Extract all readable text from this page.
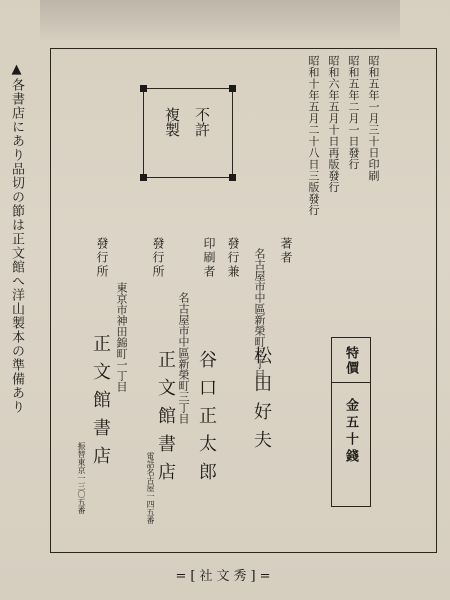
▲各書店にあり品切の節は正文館へ洋山製本の準備あり	不許
複製	昭和五年一月三十日印刷
昭和五年二月一日發行
昭和六年五月十日再版發行
昭和十年五月二十八日三版發行
特價
金五十錢
著者
名古屋市中區新榮町三丁目
松田好夫
發行兼
印刷者
名古屋市中區新榮町三丁目 谷口正太郎
發行所
正文館書店
電話名古屋一四五番
發行所
東京市神田錦町一丁目
正文館書店
振替東京一三〇五番
=[社文秀]=
